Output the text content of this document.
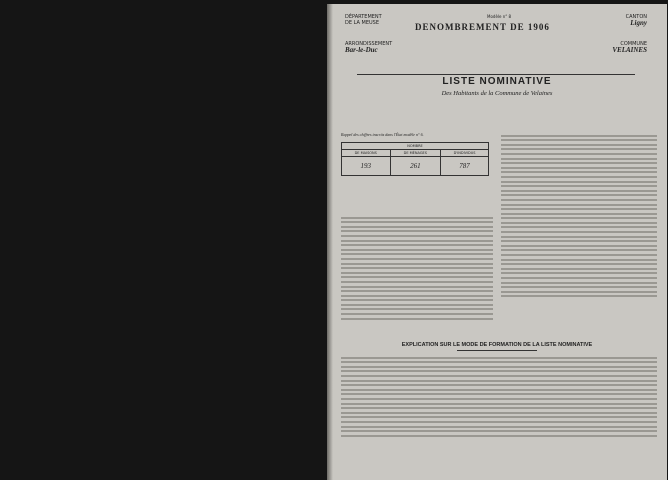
DÉPARTEMENT
DE LA MEUSE
ARRONDISSEMENT
Bar-le-Duc
Modèle n° 8
DENOMBREMENT DE 1906
CANTON
Ligny
COMMUNE
VELAINES
LISTE NOMINATIVE
Des Habitants de la Commune de Velaines
Rappel des chiffres inscrits dans l'État modèle n° 6.
NOMBRE		
DE MAISONS	DE MÉNAGES	D'INDIVIDUS
193	261	787
EXPLICATION SUR LE MODE DE FORMATION DE LA LISTE NOMINATIVE
